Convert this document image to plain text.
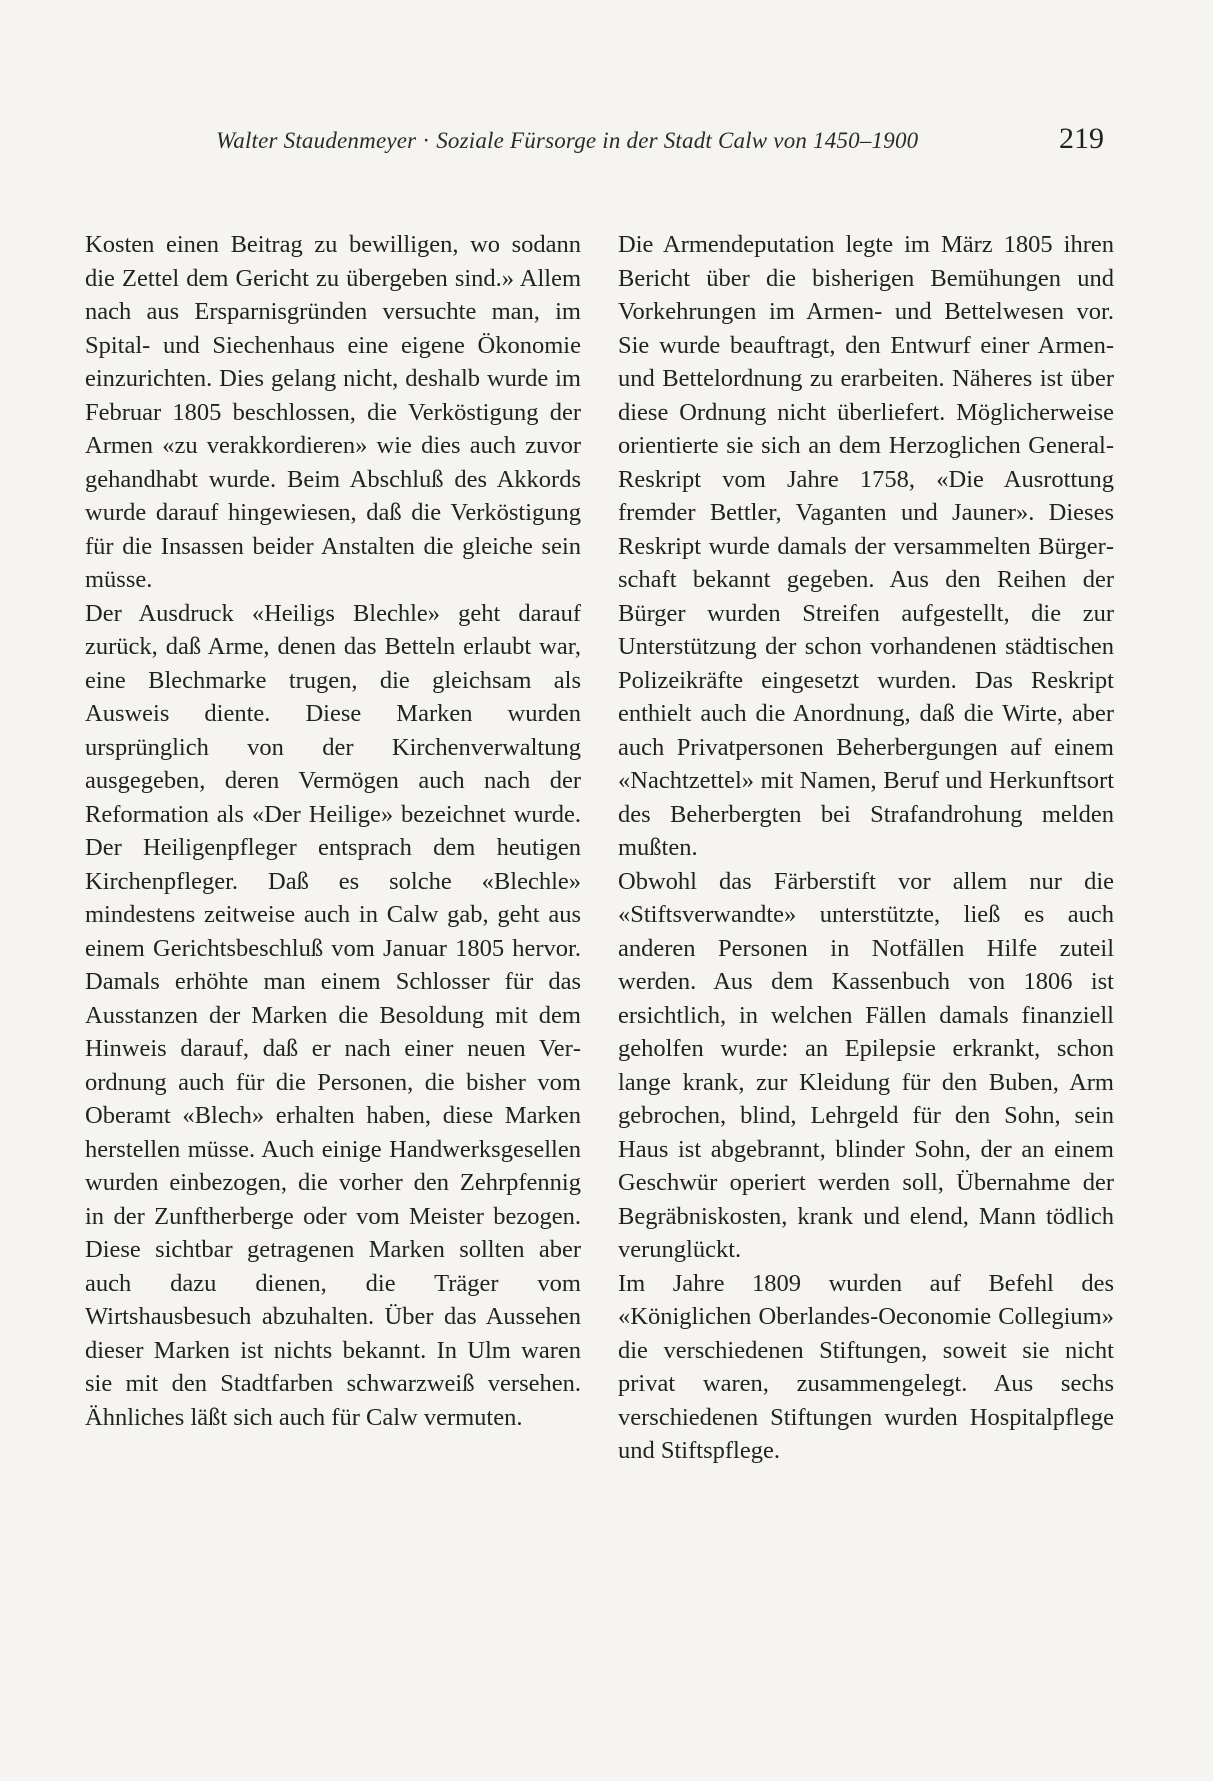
Walter Staudenmeyer · Soziale Fürsorge in der Stadt Calw von 1450–1900	219

Kosten einen Beitrag zu bewilligen, wo sodann die Zettel dem Gericht zu übergeben sind.» Allem nach aus Ersparnisgründen versuchte man, im Spital- und Siechenhaus eine eigene Ökonomie einzurichten. Dies gelang nicht, deshalb wurde im Februar 1805 beschlossen, die Verköstigung der Armen «zu verakkordieren» wie dies auch zuvor gehandhabt wurde. Beim Abschluß des Akkords wurde darauf hingewiesen, daß die Verköstigung für die Insassen beider Anstalten die gleiche sein müsse.

Der Ausdruck «Heiligs Blechle» geht darauf zurück, daß Arme, denen das Betteln erlaubt war, eine Blechmarke trugen, die gleichsam als Ausweis diente. Diese Marken wurden ursprünglich von der Kirchenverwaltung ausgegeben, deren Vermögen auch nach der Reformation als «Der Heilige» bezeichnet wurde. Der Heiligenpfleger entsprach dem heutigen Kirchenpfleger. Daß es solche «Blechle» mindestens zeitweise auch in Calw gab, geht aus einem Gerichtsbeschluß vom Januar 1805 hervor. Damals erhöhte man einem Schlosser für das Ausstanzen der Marken die Besoldung mit dem Hinweis darauf, daß er nach einer neuen Verordnung auch für die Personen, die bisher vom Oberamt «Blech» erhalten haben, diese Marken herstellen müsse. Auch einige Handwerksgesellen wurden einbezogen, die vorher den Zehrpfennig in der Zunftherberge oder vom Meister bezogen. Diese sichtbar getragenen Marken sollten aber auch dazu dienen, die Träger vom Wirtshausbesuch abzuhalten. Über das Aussehen dieser Marken ist nichts bekannt. In Ulm waren sie mit den Stadtfarben schwarzweiß versehen. Ähnliches läßt sich auch für Calw vermuten.

Die Armendeputation legte im März 1805 ihren Bericht über die bisherigen Bemühungen und Vorkehrungen im Armen- und Bettelwesen vor. Sie wurde beauftragt, den Entwurf einer Armen- und Bettelordnung zu erarbeiten. Näheres ist über diese Ordnung nicht überliefert. Möglicherweise orientierte sie sich an dem Herzoglichen General-Reskript vom Jahre 1758, «Die Ausrottung fremder Bettler, Vaganten und Jauner». Dieses Reskript wurde damals der versammelten Bürgerschaft bekannt gegeben. Aus den Reihen der Bürger wurden Streifen aufgestellt, die zur Unterstützung der schon vorhandenen städtischen Polizeikräfte eingesetzt wurden. Das Reskript enthielt auch die Anordnung, daß die Wirte, aber auch Privatpersonen Beherbergungen auf einem «Nachtzettel» mit Namen, Beruf und Herkunftsort des Beherbergten bei Strafandrohung melden mußten.

Obwohl das Färberstift vor allem nur die «Stiftsverwandte» unterstützte, ließ es auch anderen Personen in Notfällen Hilfe zuteil werden. Aus dem Kassenbuch von 1806 ist ersichtlich, in welchen Fällen damals finanziell geholfen wurde: an Epilepsie erkrankt, schon lange krank, zur Kleidung für den Buben, Arm gebrochen, blind, Lehrgeld für den Sohn, sein Haus ist abgebrannt, blinder Sohn, der an einem Geschwür operiert werden soll, Übernahme der Begräbniskosten, krank und elend, Mann tödlich verunglückt.

Im Jahre 1809 wurden auf Befehl des «Königlichen Oberlandes-Oeconomie Collegium» die verschiedenen Stiftungen, soweit sie nicht privat waren, zusammengelegt. Aus sechs verschiedenen Stiftungen wurden Hospitalpflege und Stiftspflege.
